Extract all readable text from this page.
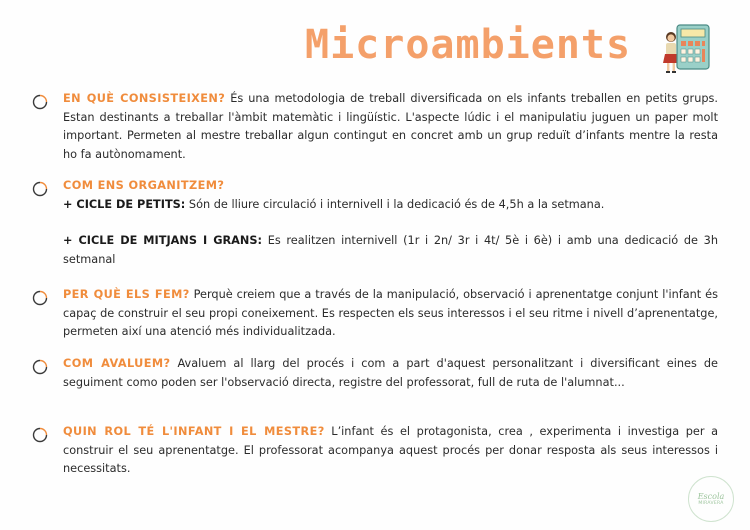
Microambients

EN QUÈ CONSISTEIXEN? És una metodologia de treball diversificada on els infants treballen en petits grups. Estan destinants a treballar l'àmbit matemàtic i lingüístic. L'aspecte lúdic i el manipulatiu juguen un paper molt important. Permeten al mestre treballar algun contingut en concret amb un grup reduït d’infants mentre la resta ho fa autònomament.

COM ENS ORGANITZEM?

+ CICLE DE PETITS: Són de lliure circulació i internivell i la dedicació és de 4,5h a la setmana.

+ CICLE DE MITJANS I GRANS: Es realitzen internivell (1r i 2n/ 3r i 4t/ 5è i 6è) i amb una dedicació de 3h setmanal

PER QUÈ ELS FEM? Perquè creiem que a través de la manipulació, observació i aprenentatge conjunt l'infant és capaç de construir el seu propi coneixement. Es respecten els seus interessos i el seu ritme i nivell d’aprenentatge, permeten així una atenció més individualitzada.

COM AVALUEM? Avaluem al llarg del procés i com a part d'aquest personalitzant i diversificant eines de seguiment como poden ser l'observació directa, registre del professorat, full de ruta de l'alumnat...

QUIN ROL TÉ L'INFANT I EL MESTRE? L’infant és el protagonista, crea , experimenta i investiga per a construir el seu aprenentatge. El professorat acompanya aquest procés per donar resposta als seus interessos i necessitats.

Escola
MIRAVERA
